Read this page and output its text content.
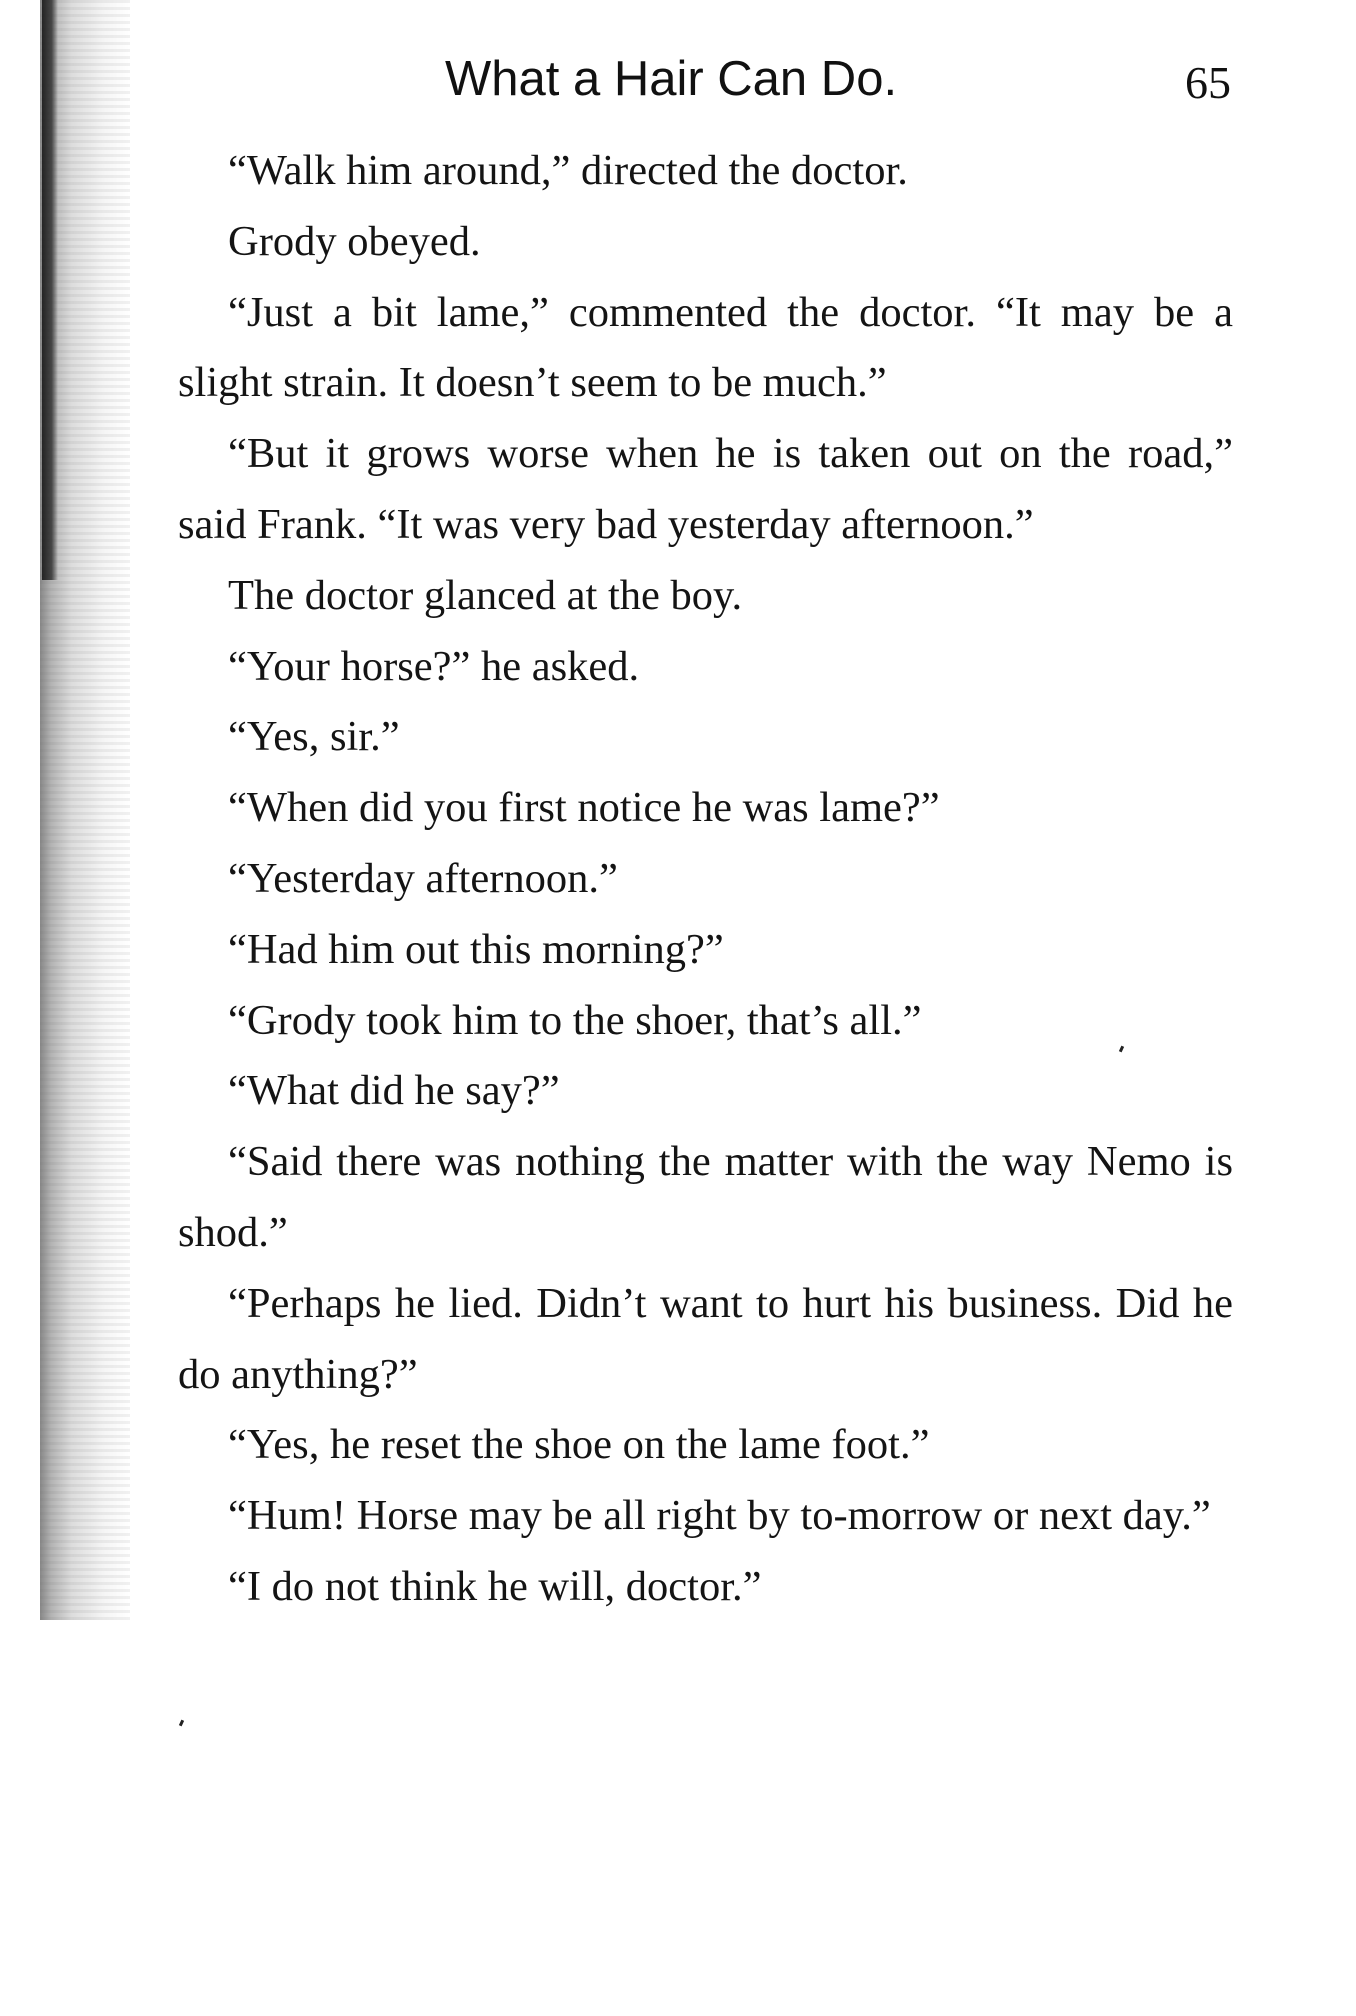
What a Hair Can Do.	65

“Walk him around,” directed the doctor.

Grody obeyed.

“Just a bit lame,” commented the doctor. “It may be a slight strain. It doesn’t seem to be much.”

“But it grows worse when he is taken out on the road,” said Frank. “It was very bad yesterday afternoon.”

The doctor glanced at the boy.

“Your horse?” he asked.

“Yes, sir.”

“When did you first notice he was lame?”

“Yesterday afternoon.”

“Had him out this morning?”

“Grody took him to the shoer, that’s all.”

“What did he say?”

“Said there was nothing the matter with the way Nemo is shod.”

“Perhaps he lied. Didn’t want to hurt his business. Did he do anything?”

“Yes, he reset the shoe on the lame foot.”

“Hum! Horse may be all right by to-morrow or next day.”

“I do not think he will, doctor.”
